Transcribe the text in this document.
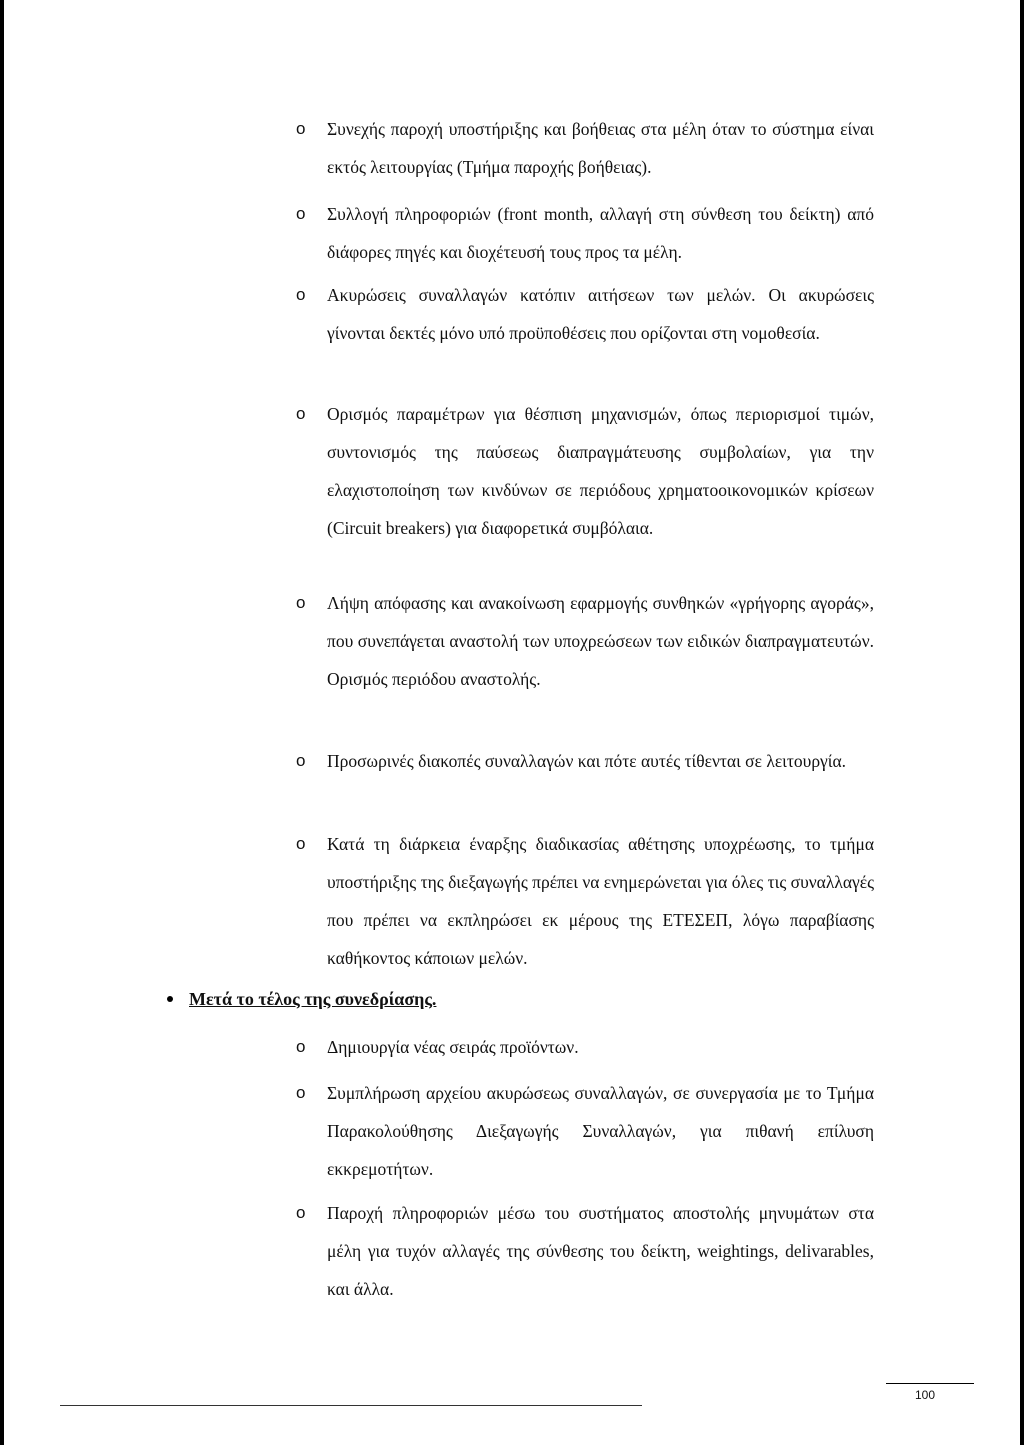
o Συνεχής παροχή υποστήριξης και βοήθειας στα μέλη όταν το σύστημα είναι εκτός λειτουργίας (Τμήμα παροχής βοήθειας).
o Συλλογή πληροφοριών (front month, αλλαγή στη σύνθεση του δείκτη) από διάφορες πηγές και διοχέτευσή τους προς τα μέλη.
o Ακυρώσεις συναλλαγών κατόπιν αιτήσεων των μελών. Οι ακυρώσεις γίνονται δεκτές μόνο υπό προϋποθέσεις που ορίζονται στη νομοθεσία.
o Ορισμός παραμέτρων για θέσπιση μηχανισμών, όπως περιορισμοί τιμών, συντονισμός της παύσεως διαπραγμάτευσης συμβολαίων, για την ελαχιστοποίηση των κινδύνων σε περιόδους χρηματοοικονομικών κρίσεων (Circuit breakers) για διαφορετικά συμβόλαια.
o Λήψη απόφασης και ανακοίνωση εφαρμογής συνθηκών «γρήγορης αγοράς», που συνεπάγεται αναστολή των υποχρεώσεων των ειδικών διαπραγματευτών. Ορισμός περιόδου αναστολής.
o Προσωρινές διακοπές συναλλαγών και πότε αυτές τίθενται σε λειτουργία.
o Κατά τη διάρκεια έναρξης διαδικασίας αθέτησης υποχρέωσης, το τμήμα υποστήριξης της διεξαγωγής πρέπει να ενημερώνεται για όλες τις συναλλαγές που πρέπει να εκπληρώσει εκ μέρους της ΕΤΕΣΕΠ, λόγω παραβίασης καθήκοντος κάποιων μελών.
Μετά το τέλος της συνεδρίασης.
o Δημιουργία νέας σειράς προϊόντων.
o Συμπλήρωση αρχείου ακυρώσεως συναλλαγών, σε συνεργασία με το Τμήμα Παρακολούθησης Διεξαγωγής Συναλλαγών, για πιθανή επίλυση εκκρεμοτήτων.
o Παροχή πληροφοριών μέσω του συστήματος αποστολής μηνυμάτων στα μέλη για τυχόν αλλαγές της σύνθεσης του δείκτη, weightings, delivarables, και άλλα.
100
